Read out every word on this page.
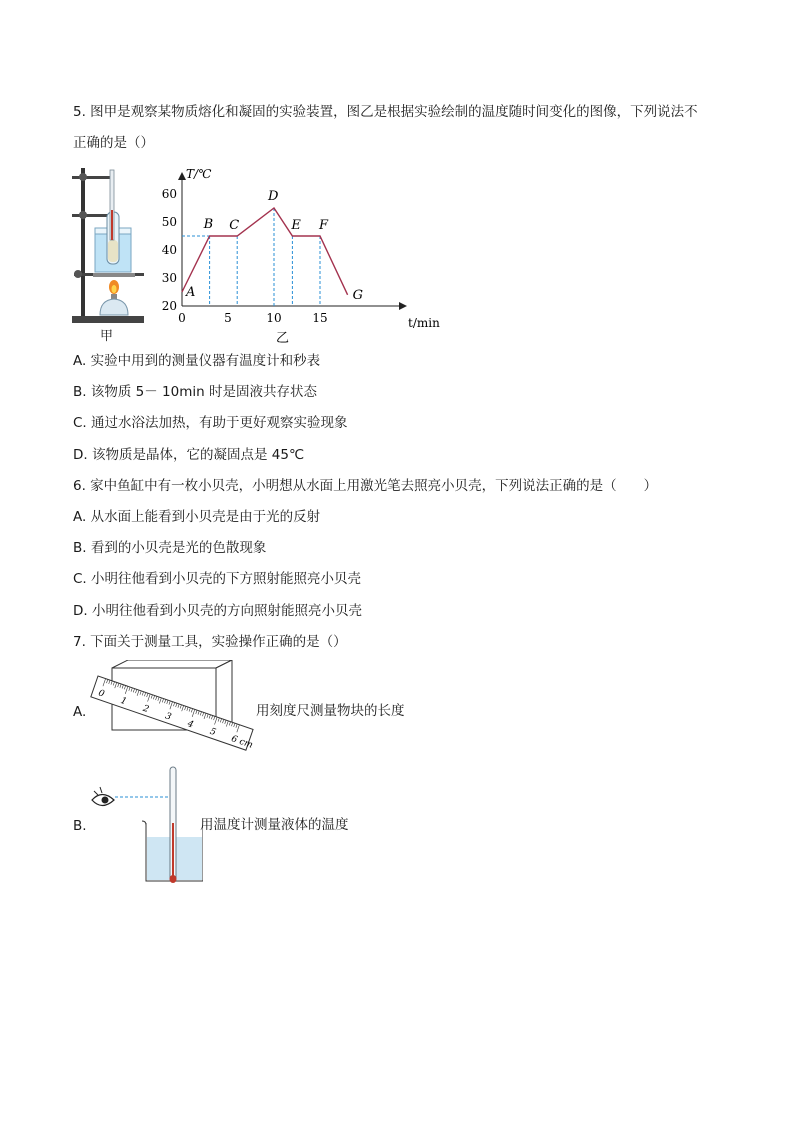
5. 图甲是观察某物质熔化和凝固的实验装置，图乙是根据实验绘制的温度随时间变化的图像，下列说法不
正确的是（）
甲
20
30
40
50
60
0	5	10	15
A
B C
D
E F
G
T/℃
t/min
乙
A. 实验中用到的测量仪器有温度计和秒表
B. 该物质 5－ 10min 时是固液共存状态
C. 通过水浴法加热，有助于更好观察实验现象
D. 该物质是晶体，它的凝固点是 45℃
6. 家中鱼缸中有一枚小贝壳，小明想从水面上用激光笔去照亮小贝壳，下列说法正确的是（　　）
A. 从水面上能看到小贝壳是由于光的反射
B. 看到的小贝壳是光的色散现象
C. 小明往他看到小贝壳的下方照射能照亮小贝壳
D. 小明往他看到小贝壳的方向照射能照亮小贝壳
7. 下面关于测量工具，实验操作正确的是（）
A.
0
1
2
3
4
5
6 cm
用刻度尺测量物块的长度
B.	用温度计测量液体的温度
